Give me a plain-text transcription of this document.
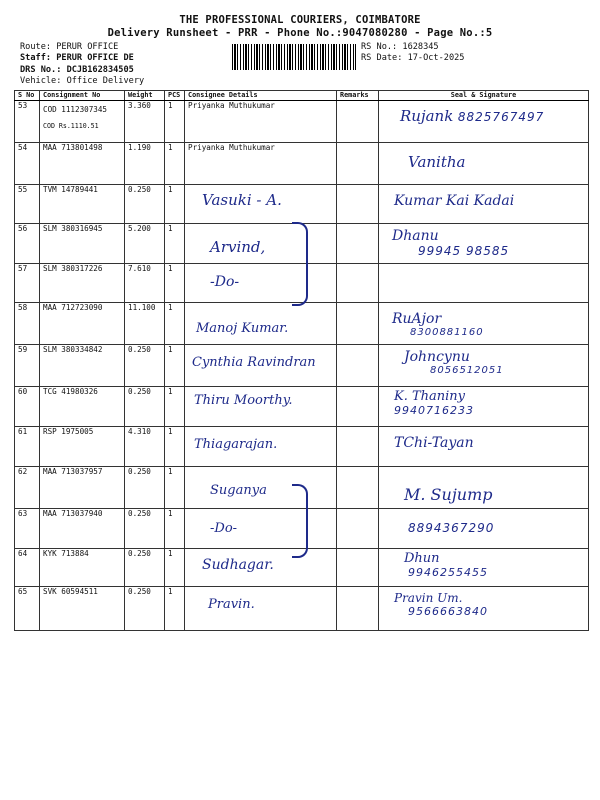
THE PROFESSIONAL COURIERS, COIMBATORE
Delivery Runsheet - PRR - Phone No.:9047080280 - Page No.:5
Route: PERUR OFFICE
Staff: PERUR OFFICE DE
DRS No.: DCJB162834505
Vehicle: Office Delivery
RS No.: 1628345
RS Date: 17-Oct-2025
S No	Consignment No	Weight	PCS	Consignee Details	Remarks	Seal & Signature
53	COD 1112307345
COD Rs.1110.51	3.360	1	Priyanka Muthukumar		Rujank 8825767497

54	MAA 713801498	1.190	1	Priyanka Muthukumar		Vanitha

55	TVM 14789441	0.250	1	Vasuki - A.		Kumar Kai Kadai

56	SLM 380316945	5.200	1	Arvind,		Dhanu
99945 98585

57	SLM 380317226	7.610	1	-Do-		

58	MAA 712723090	11.100	1	Manoj Kumar.		RuAjor
8300881160

59	SLM 380334842	0.250	1	Cynthia Ravindran		Johncynu
8056512051

60	TCG 41980326	0.250	1	Thiru Moorthy.		K. Thaniny
9940716233

61	RSP 1975005	4.310	1	Thiagarajan.		TChi-Tayan

62	MAA 713037957	0.250	1	Suganya		M. Sujump

63	MAA 713037940	0.250	1	-Do-		8894367290

64	KYK 713884	0.250	1	Sudhagar.		Dhun
9946255455

65	SVK 60594511	0.250	1	Pravin.		Pravin Um.
9566663840
